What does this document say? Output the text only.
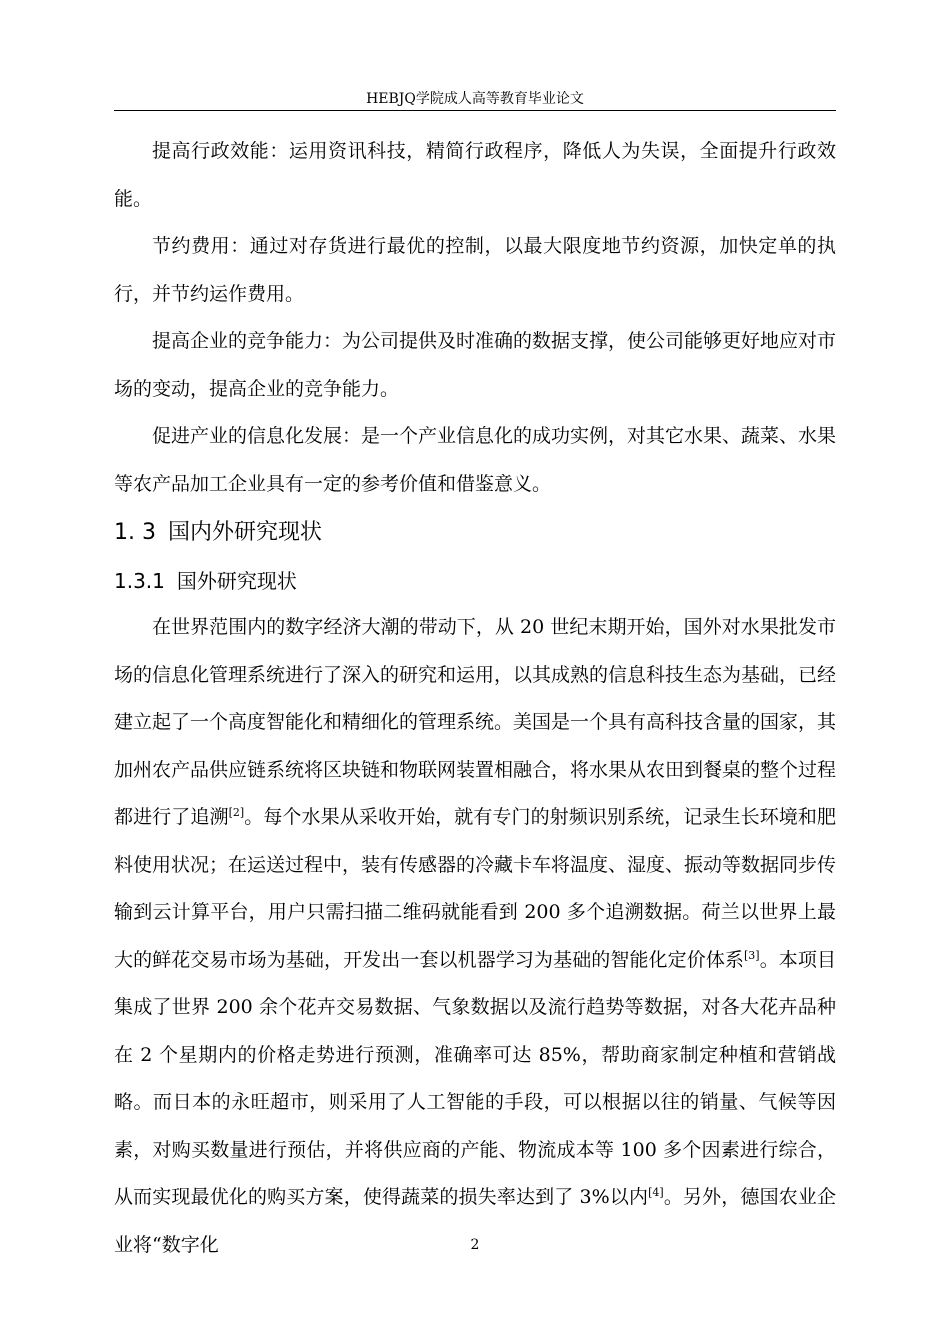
HEBJQ学院成人高等教育毕业论文

提高行政效能：运用资讯科技，精简行政程序，降低人为失误，全面提升行政效能。

节约费用：通过对存货进行最优的控制，以最大限度地节约资源，加快定单的执行，并节约运作费用。

提高企业的竞争能力：为公司提供及时准确的数据支撑，使公司能够更好地应对市场的变动，提高企业的竞争能力。

促进产业的信息化发展：是一个产业信息化的成功实例，对其它水果、蔬菜、水果等农产品加工企业具有一定的参考价值和借鉴意义。

1. 3 国内外研究现状
1.3.1 国外研究现状

在世界范围内的数字经济大潮的带动下，从 20 世纪末期开始，国外对水果批发市场的信息化管理系统进行了深入的研究和运用，以其成熟的信息科技生态为基础，已经建立起了一个高度智能化和精细化的管理系统。美国是一个具有高科技含量的国家，其加州农产品供应链系统将区块链和物联网装置相融合，将水果从农田到餐桌的整个过程都进行了追溯[2]。每个水果从采收开始，就有专门的射频识别系统，记录生长环境和肥料使用状况；在运送过程中，装有传感器的冷藏卡车将温度、湿度、振动等数据同步传输到云计算平台，用户只需扫描二维码就能看到 200 多个追溯数据。荷兰以世界上最大的鲜花交易市场为基础，开发出一套以机器学习为基础的智能化定价体系[3]。本项目集成了世界 200 余个花卉交易数据、气象数据以及流行趋势等数据，对各大花卉品种在 2 个星期内的价格走势进行预测，准确率可达 85%，帮助商家制定种植和营销战略。而日本的永旺超市，则采用了人工智能的手段，可以根据以往的销量、气候等因素，对购买数量进行预估，并将供应商的产能、物流成本等 100 多个因素进行综合，从而实现最优化的购买方案，使得蔬菜的损失率达到了 3%以内[4]。另外，德国农业企业将“数字化	2
